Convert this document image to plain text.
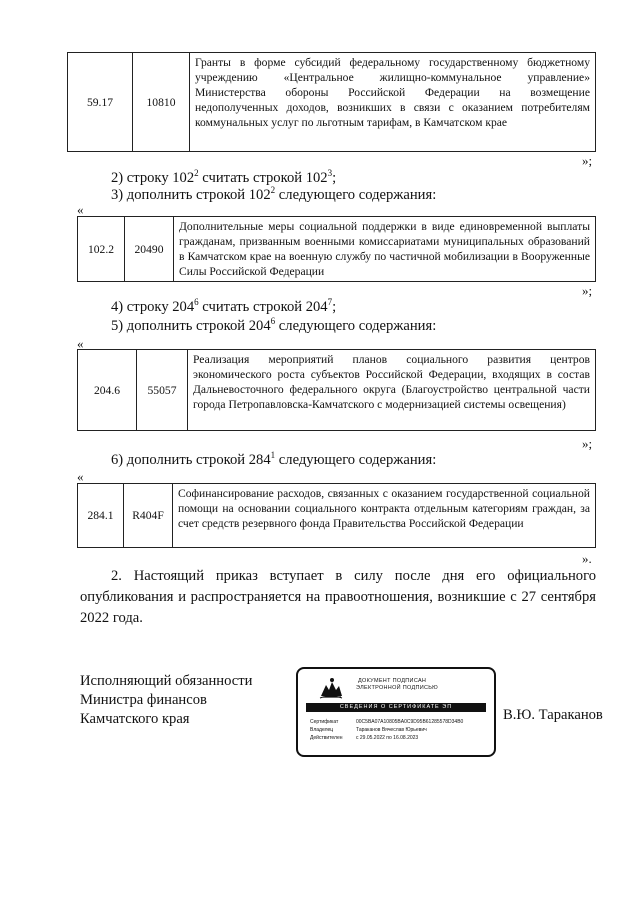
59.17	10810	Гранты в форме субсидий федеральному государственному бюджетному учреждению «Центральное жилищно-коммунальное управление» Министерства обороны Российской Федерации на возмещение недополученных доходов, возникших в связи с оказанием потребителям коммунальных услуг по льготным тарифам, в Камчатском крае
»;
2) строку $102^2$ считать строкой $102^3$;
3) дополнить строкой $102^2$ следующего содержания:
«
102.2	20490	Дополнительные меры социальной поддержки в виде единовременной выплаты гражданам, призванным военными комиссариатами муниципальных образований в Камчатском крае на военную службу по частичной мобилизации в Вооруженные Силы Российской Федерации
»;
4) строку $204^6$ считать строкой $204^7$;
5) дополнить строкой $204^6$ следующего содержания:
«
204.6	55057	Реализация мероприятий планов социального развития центров экономического роста субъектов Российской Федерации, входящих в состав Дальневосточного федерального округа (Благоустройство центральной части города Петропавловска-Камчатского с модернизацией системы освещения)
»;
6) дополнить строкой $284^1$ следующего содержания:
«
284.1	R404F	Софинансирование расходов, связанных с оказанием государственной социальной помощи на основании социального контракта отдельным категориям граждан, за счет средств резервного фонда Правительства Российской Федерации
».
2. Настоящий приказ вступает в силу после дня его официального опубликования и распространяется на правоотношения, возникшие с 27 сентября 2022 года.
Исполняющий обязанности
Министра финансов
Камчатского края
ДОКУМЕНТ ПОДПИСАН
ЭЛЕКТРОННОЙ ПОДПИСЬЮ
СВЕДЕНИЯ О СЕРТИФИКАТЕ ЭП
Сертификат	00C5BA07A10805BA0C9D95B61285578D34B0
Владелец	Тараканов Вячеслав Юрьевич
Действителен	с 29.05.2022 по 16.08.2023
В.Ю. Тараканов
